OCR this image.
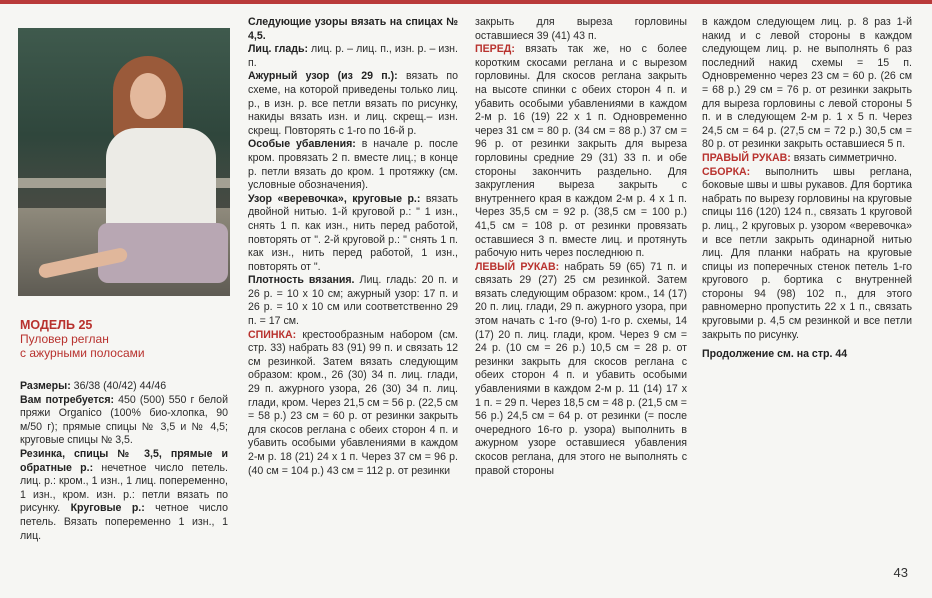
МОДЕЛЬ 25
Пуловер реглан
с ажурными полосами

Размеры: 36/38 (40/42) 44/46

Вам потребуется: 450 (500) 550 г белой пряжи Organico (100% био-хлопка, 90 м/50 г); прямые спицы № 3,5 и № 4,5; круговые спицы № 3,5.

Резинка, спицы № 3,5, прямые и обратные р.: нечетное число петель. лиц. р.: кром., 1 изн., 1 лиц. попеременно, 1 изн., кром. изн. р.: петли вязать по рисунку. Круговые р.: четное число петель. Вязать попеременно 1 изн., 1 лиц.

Следующие узоры вязать на спицах № 4,5.

Лиц. гладь: лиц. р. – лиц. п., изн. р. – изн. п.

Ажурный узор (из 29 п.): вязать по схеме, на которой приведены только лиц. р., в изн. р. все петли вязать по рисунку, накиды вязать изн. и лиц. скрещ.– изн. скрещ. Повторять с 1-го по 16-й р.

Особые убавления: в начале р. после кром. провязать 2 п. вместе лиц.; в конце р. петли вязать до кром. 1 протяжку (см. условные обозначения).

Узор «веревочка», круговые р.: вязать двойной нитью. 1-й круговой р.: " 1 изн., снять 1 п. как изн., нить перед работой, повторять от ". 2-й круговой р.: " снять 1 п. как изн., нить перед работой, 1 изн., повторять от ".

Плотность вязания. Лиц. гладь: 20 п. и 26 р. = 10 х 10 см; ажурный узор: 17 п. и 26 р. = 10 х 10 см или соответственно 29 п. = 17 см.

СПИНКА: крестообразным набором (см. стр. 33) набрать 83 (91) 99 п. и связать 12 см резинкой. Затем вязать следующим образом: кром., 26 (30) 34 п. лиц. глади, 29 п. ажурного узора, 26 (30) 34 п. лиц. глади, кром. Через 21,5 см = 56 р. (22,5 см = 58 р.) 23 см = 60 р. от резинки закрыть для скосов реглана с обеих сторон 4 п. и убавить особыми убавлениями в каждом 2-м р. 18 (21) 24 х 1 п. Через 37 см = 96 р. (40 см = 104 р.) 43 см = 112 р. от резинки

закрыть для выреза горловины оставшиеся 39 (41) 43 п.

ПЕРЕД: вязать так же, но с более коротким скосами реглана и с вырезом горловины. Для скосов реглана закрыть на высоте спинки с обеих сторон 4 п. и убавить особыми убавлениями в каждом 2-м р. 16 (19) 22 х 1 п. Одновременно через 31 см = 80 р. (34 см = 88 р.) 37 см = 96 р. от резинки закрыть для выреза горловины средние 29 (31) 33 п. и обе стороны закончить раздельно. Для закругления выреза закрыть с внутреннего края в каждом 2-м р. 4 х 1 п. Через 35,5 см = 92 р. (38,5 см = 100 р.) 41,5 см = 108 р. от резинки провязать оставшиеся 3 п. вместе лиц. и протянуть рабочую нить через последнюю п.

ЛЕВЫЙ РУКАВ: набрать 59 (65) 71 п. и связать 29 (27) 25 см резинкой. Затем вязать следующим образом: кром., 14 (17) 20 п. лиц. глади, 29 п. ажурного узора, при этом начать с 1-го (9-го) 1-го р. схемы, 14 (17) 20 п. лиц. глади, кром. Через 9 см = 24 р. (10 см = 26 р.) 10,5 см = 28 р. от резинки закрыть для скосов реглана с обеих сторон 4 п. и убавить особыми убавлениями в каждом 2-м р. 11 (14) 17 х 1 п. = 29 п. Через 18,5 см = 48 р. (21,5 см = 56 р.) 24,5 см = 64 р. от резинки (= после очередного 16-го р. узора) выполнить в ажурном узоре оставшиеся убавления скосов реглана, для этого не выполнять с правой стороны

в каждом следующем лиц. р. 8 раз 1-й накид и с левой стороны в каждом следующем лиц. р. не выполнять 6 раз последний накид схемы = 15 п. Одновременно через 23 см = 60 р. (26 см = 68 р.) 29 см = 76 р. от резинки закрыть для выреза горловины с левой стороны 5 п. и в следующем 2-м р. 1 х 5 п. Через 24,5 см = 64 р. (27,5 см = 72 р.) 30,5 см = 80 р. от резинки закрыть оставшиеся 5 п.

ПРАВЫЙ РУКАВ: вязать симметрично.

СБОРКА: выполнить швы реглана, боковые швы и швы рукавов. Для бортика набрать по вырезу горловины на круговые спицы 116 (120) 124 п., связать 1 круговой р. лиц., 2 круговых р. узором «веревочка» и все петли закрыть одинарной нитью лиц. Для планки набрать на круговые спицы из поперечных стенок петель 1-го кругового р. бортика с внутренней стороны 94 (98) 102 п., для этого равномерно пропустить 22 х 1 п., связать круговыми р. 4,5 см резинкой и все петли закрыть по рисунку.

Продолжение см. на стр. 44

43
